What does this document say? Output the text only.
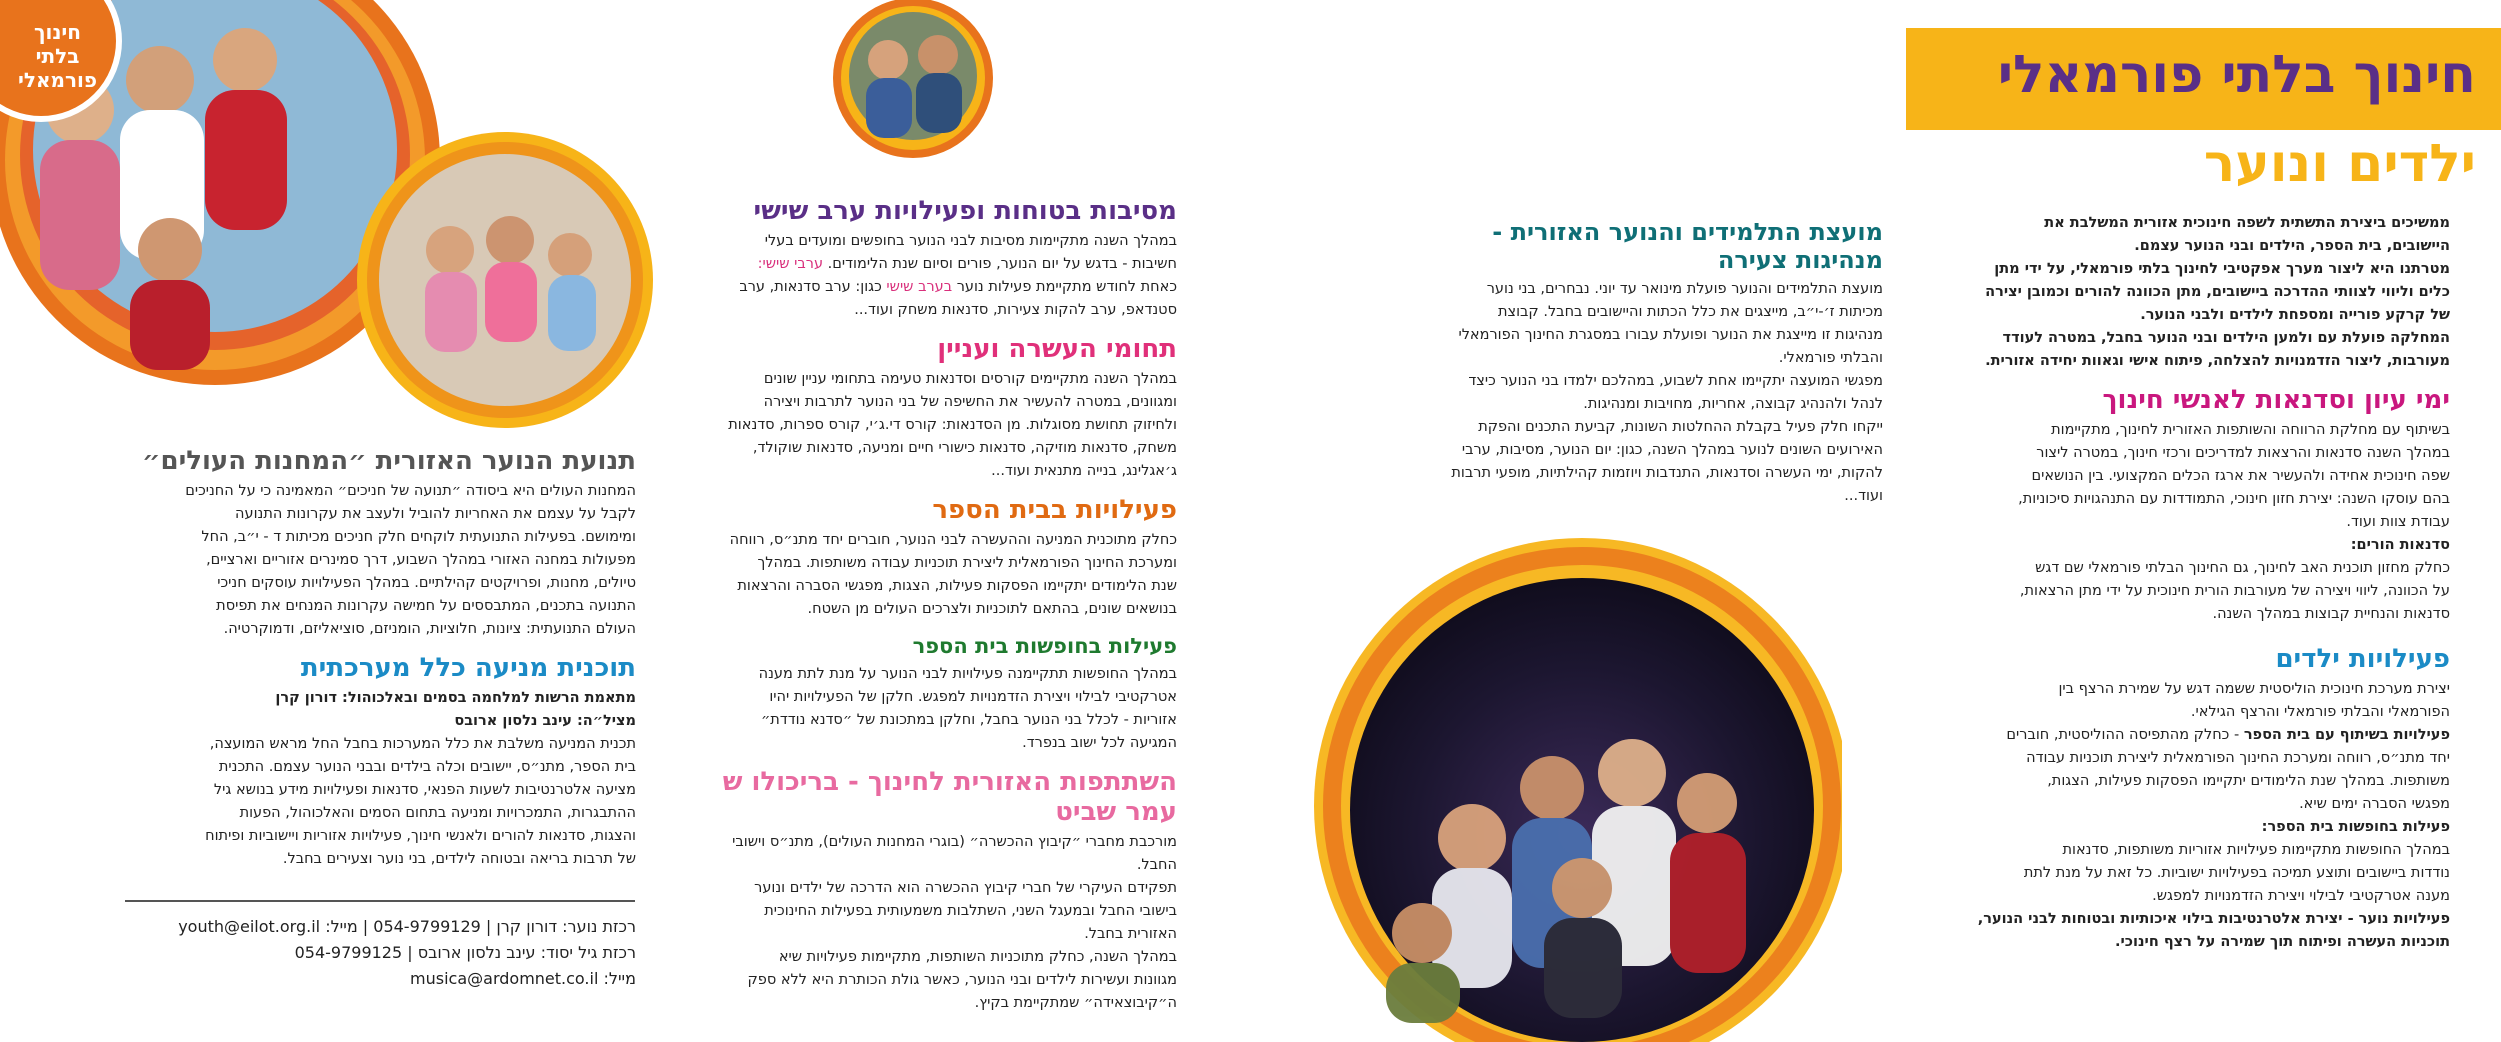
חינוך בלתי פורמאלי
ילדים ונוער
ממשיכים ביצירת התשתית לשפה חינוכית אזורית המשלבת את
היישובים, בית הספר, הילדים ובני הנוער עצמם.
מטרתנו היא ליצור מערך אפקטיבי לחינוך בלתי פורמאלי, על ידי מתן
כלים וליווי לצוותי ההדרכה ביישובים, מתן הכוונה להורים וכמובן יצירה
של קרקע פורייה ומספחת לילדים ולבני הנוער.
המחלקה פועלת עם ולמען הילדים ובני הנוער בחבל, במטרה לעודד
מעורבות, ליצור הזדמנויות להצלחה, פיתוח אישי וגאוות יחידה אזורית.
ימי עיון וסדנאות לאנשי חינוך
בשיתוף עם מחלקת הרווחה והשותפות האזורית לחינוך, מתקיימות
במהלך השנה סדנאות והרצאות למדריכים ורכזי חינוך, במטרה ליצור
שפה חינוכית אחידה ולהעשיר את ארגז הכלים המקצועי. בין הנושאים
בהם עוסקו השנה: יצירת חזון חינוכי, התמודדות עם התנהגויות סיכוניות,
עבודת צוות ועוד.
סדנאות הורים:
כחלק מחזון תוכנית האב לחינוך, גם החינוך הבלתי פורמאלי שם דגש
על הכוונה, ליווי ויצירה של מעורבות הורית חינוכית על ידי מתן הרצאות,
סדנאות והנחיית קבוצות במהלך השנה.
פעילויות ילדים
יצירת מערכת חינוכית הוליסטית ששמה דגש על שמירת הרצף בין
הפורמאלי והבלתי פורמאלי והרצף הגילאי.
פעילויות בשיתוף עם בית הספר - כחלק מהתפיסה ההוליסטית, חוברים
יחד מתנ״ס, רווחה ומערכת החינוך הפורמאלית ליצירת תוכניות עבודה
משותפות. במהלך שנת הלימודים יתקיימו הפסקות פעילות, הצגות,
מפגשי הסברה ימים שיא.
פעילות בחופשות בית הספר:
במהלך החופשות מתקיימות פעילויות אזוריות משותפות, סדנאות
נודדות ביישובים ותוצע תמיכה בפעילויות ישוביות. כל זאת על מנת לתת
מענה אטרקטיבי לבילוי ויצירת הזדמנויות למפגש.
פעילויות נוער - יצירת אלטרנטיבות בילוי איכותיות ובטוחות לבני הנוער,
תוכניות העשרה ופיתוח תוך שמירה על רצף חינוכי.
מועצת התלמידים והנוער האזורית -
מנהיגות צעירה
מועצת התלמידים והנוער פועלת מינואר עד יוני. נבחרים, בני נוער
מכיתות ז׳-י״ב, מייצגים את כלל הכתות והיישובים בחבל. קבוצת
מנהיגות זו מייצגת את הנוער ופועלת עבורו במסגרת החינוך הפורמאלי
והבלתי פורמאלי.
מפגשי המועצה יתקיימו אחת לשבוע, במהלכם ילמדו בני הנוער כיצד
לנהל ולהנהיג קבוצה, אחריות, מחויבות ומנהיגות.
ייקחו חלק פעיל בקבלת ההחלטות השונות, קביעת התכנים והפקת
האירועים השונים לנוער במהלך השנה, כגון: יום הנוער, מסיבות, ערבי
להקות, ימי העשרה וסדנאות, התנדבות ויוזמות קהילתיות, מופעי תרבות
ועוד...
מסיבות בטוחות ופעילויות ערב שישי
במהלך השנה מתקיימות מסיבות לבני הנוער בחופשים ומועדים בעלי
חשיבות - בדגש על יום הנוער, פורים וסיום שנת הלימודים. ערבי שישי:
כאחת לחודש מתקיימת פעילות נוער בערב שישי כגון: ערב סדנאות, ערב
סטנדאפ, ערב להקות צעירות, סדנאות משחק ועוד...
תחומי העשרה ועניין
במהלך השנה מתקיימים קורסים וסדנאות טעימה בתחומי עניין שונים
ומגוונים, במטרה להעשיר את החשיפה של בני הנוער לתרבות ויצירה
ולחיזוק תחושת מסוגלות. מן הסדנאות: קורס די.ג׳י, קורס ספרות, סדנאות
משחק, סדנאות מוזיקה, סדנאות כישורי חיים ומניעה, סדנאות שוקולד,
ג׳אגלינג, בנייה מתנאית ועוד...
פעילויות בבית הספר
כחלק מתוכנית המניעה וההעשרה לבני הנוער, חוברים יחד מתנ״ס, רווחה
ומערכת החינוך הפורמאלית ליצירת תוכניות עבודה משותפות. במהלך
שנת הלימודים יתקיימו הפסקות פעילות, הצגות, מפגשי הסברה והרצאות
בנושאים שונים, בהתאם לתוכניות ולצרכים העולים מן השטח.
פעילות בחופשות בית הספר
במהלך החופשות תתקיימנה פעילויות לבני הנוער על מנת לתת מענה
אטרקטיבי לבילוי ויצירת הזדמנויות למפגש. חלקן של הפעילויות יהיו
אזוריות - לכלל בני הנוער בחבל, וחלקן במתכונת של ״סדנא נודדת״
המגיעה לכל ישוב בנפרד.
השתתפות האזורית לחינוך - בריכולו ש
עמר שביט
מורכבת מחברי ״קיבוץ ההכשרה״ (בוגרי המחנות העולים), מתנ״ס וישובי
החבל.
תפקידם העיקרי של חברי קיבוץ ההכשרה הוא הדרכה של ילדים ונוער
בישובי החבל ובמעגל השני, השתלבות משמעותית בפעילות החינוכית
האזורית בחבל.
במהלך השנה, כחלק מתוכניות השותפות, מתקיימות פעילויות שיא
מגוונות ועשירות לילדים ובני הנוער, כאשר גולת הכותרת היא ללא ספק
ה״קיבוצאידה״ שמתקיימת בקיץ.
חינוך בלתי
פורמאלי
תנועת הנוער האזורית ״המחנות העולים״
המחנות העולים היא ביסודה ״תנועה של חניכים״ המאמינה כי על החניכים
לקבל על עצמם את האחריות להוביל ולעצב את עקרונות התנועה
ומימושם. בפעילות התנועתית לוקחים חלק חניכים מכיתות ד - י״ב, החל
מפעולות במחנה האזורי במהלך השבוע, דרך סמינרים אזוריים וארציים,
טיולים, מחנות, ופרויקטים קהילתיים. במהלך הפעילויות עוסקים חניכי
התנועה בתכנים, המתבססים על חמישה עקרונות המנחים את תפיסת
העולם התנועתית: ציונות, חלוציות, הומניזם, סוציאליזם, ודמוקרטיה.
תוכנית מניעה כלל מערכתית
מתאמת הרשות למלחמה בסמים ובאלכוהול: דורון קרן
מציל״ה: עינב נלסון ארובס
תכנית המניעה משלבת את כלל המערכות בחבל החל מראש המועצה,
בית הספר, מתנ״ס, יישובים וכלה בילדים ובבני הנוער עצמם. התכנית
מציעה אלטרנטיבות לשעות הפנאי, סדנאות ופעילויות מידע בנושא גיל
ההתבגרות, התמכרויות ומניעה בתחום הסמים והאלכוהול, הפעות
והצגות, סדנאות להורים ולאנשי חינוך, פעילויות אזוריות ויישוביות ופיתוח
של תרבות בריאה ובטוחה לילדים, בני נוער וצעירים בחבל.
רכזת נוער: דורון קרן | 054-9799129 | מייל: youth@eilot.org.il
רכזת גיל יסוד: עינב נלסון ארובס | 054-9799125
מייל: musica@ardomnet.co.il
